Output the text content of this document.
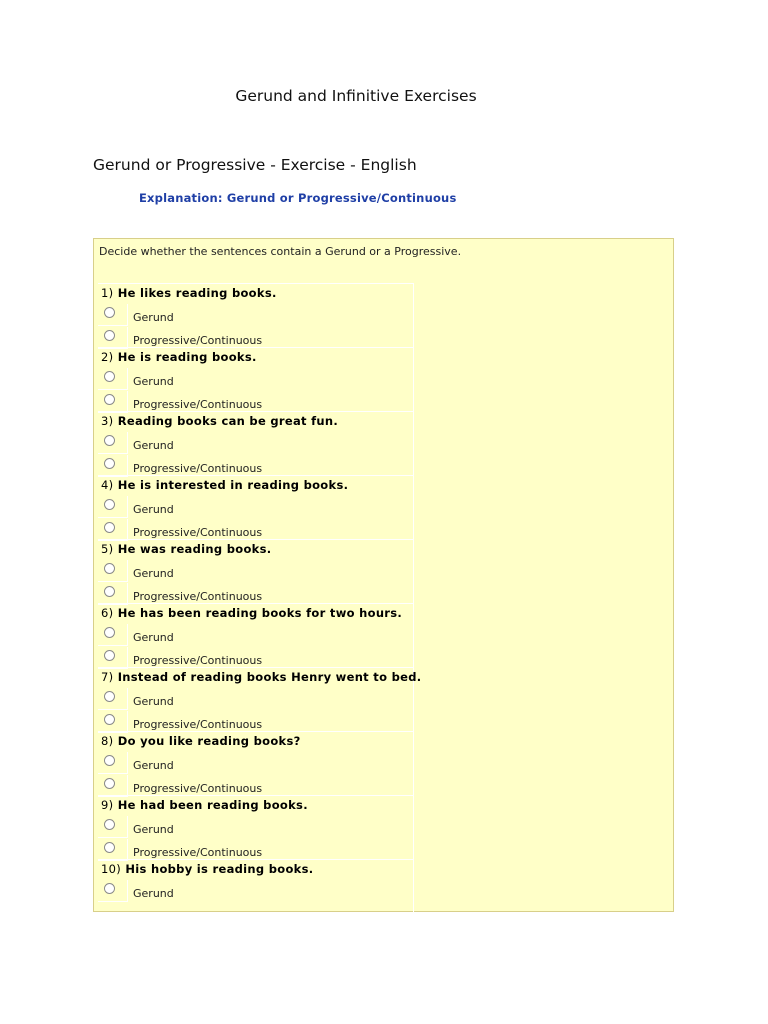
Gerund and Infinitive Exercises
Gerund or Progressive - Exercise - English
Explanation: Gerund or Progressive/Continuous
Decide whether the sentences contain a Gerund or a Progressive.
1) He likes reading books.
Gerund
Progressive/Continuous
2) He is reading books.
Gerund
Progressive/Continuous
3) Reading books can be great fun.
Gerund
Progressive/Continuous
4) He is interested in reading books.
Gerund
Progressive/Continuous
5) He was reading books.
Gerund
Progressive/Continuous
6) He has been reading books for two hours.
Gerund
Progressive/Continuous
7) Instead of reading books Henry went to bed.
Gerund
Progressive/Continuous
8) Do you like reading books?
Gerund
Progressive/Continuous
9) He had been reading books.
Gerund
Progressive/Continuous
10) His hobby is reading books.
Gerund
